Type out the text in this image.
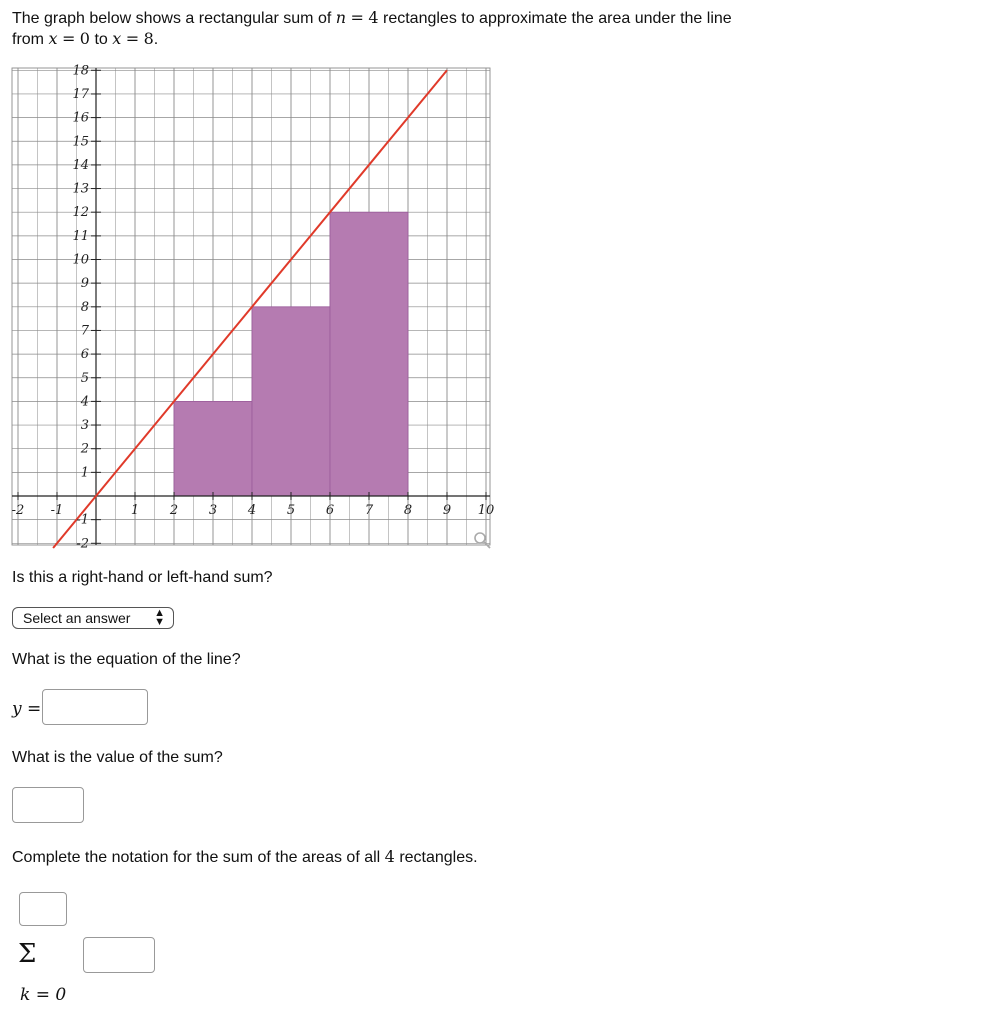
The graph below shows a rectangular sum of n = 4 rectangles to approximate the area under the line
from x = 0 to x = 8.
18
17
16
15
14
13
12
11
10
9
8
7
6
5
4
3
2
1
-1
-2
-2 -1	1 2 3 4 5 6 7 8 9 10
Is this a right-hand or left-hand sum?
Select an answer ▲
▼
What is the equation of the line?
y =
What is the value of the sum?
Complete the notation for the sum of the areas of all 4 rectangles.
Σ
k = 0
